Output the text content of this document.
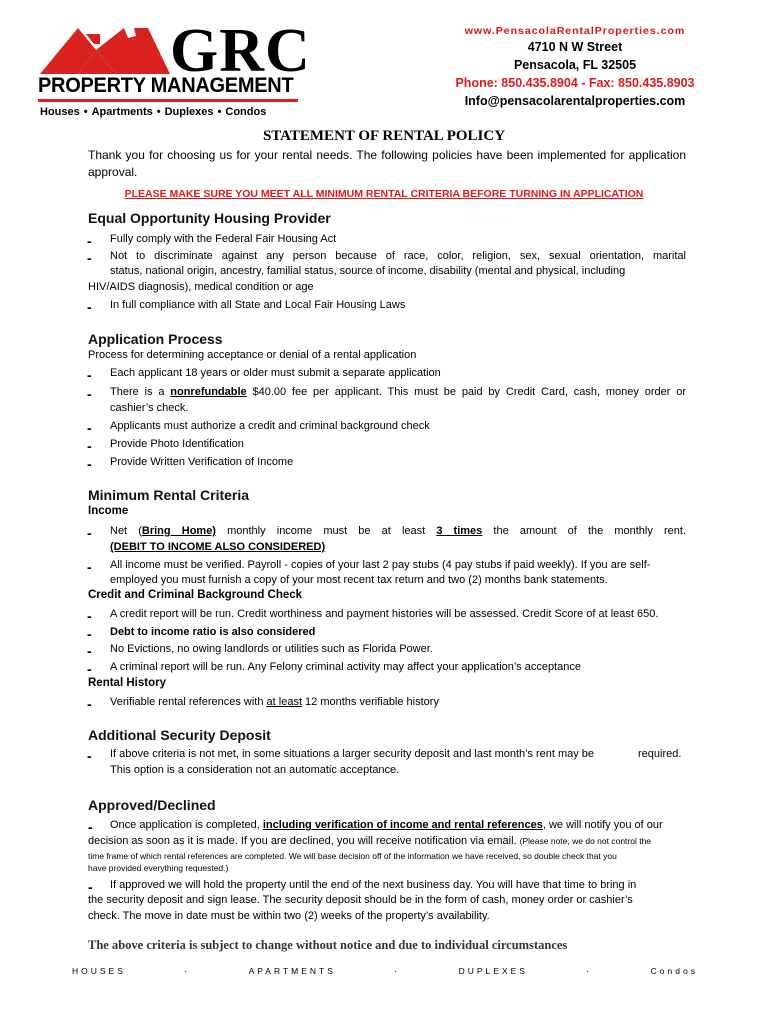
GRC
PROPERTY MANAGEMENT
Houses • Apartments • Duplexes • Condos
www.PensacolaRentalProperties.com
4710 N W Street
Pensacola, FL 32505
Phone: 850.435.8904 - Fax: 850.435.8903
Info@pensacolarentalproperties.com
STATEMENT OF RENTAL POLICY
Thank you for choosing us for your rental needs. The following policies have been implemented for application approval.
PLEASE MAKE SURE YOU MEET ALL MINIMUM RENTAL CRITERIA BEFORE TURNING IN APPLICATION
Equal Opportunity Housing Provider
- Fully comply with the Federal Fair Housing Act
- Not to discriminate against any person because of race, color, religion, sex, sexual orientation, marital
status, national origin, ancestry, familial status, source of income, disability (mental and physical, including
HIV/AIDS diagnosis), medical condition or age
- In full compliance with all State and Local Fair Housing Laws
Application Process
Process for determining acceptance or denial of a rental application
- Each applicant 18 years or older must submit a separate application
- There is a nonrefundable $40.00 fee per applicant. This must be paid by Credit Card, cash, money order or
cashier’s check.
- Applicants must authorize a credit and criminal background check
- Provide Photo Identification
- Provide Written Verification of Income
Minimum Rental Criteria
Income
- Net (Bring Home) monthly income must be at least 3 times the amount of the monthly rent.
(DEBIT TO INCOME ALSO CONSIDERED)
- All income must be verified. Payroll - copies of your last 2 pay stubs (4 pay stubs if paid weekly). If you are self-
employed you must furnish a copy of your most recent tax return and two (2) months bank statements.
Credit and Criminal Background Check
- A credit report will be run. Credit worthiness and payment histories will be assessed. Credit Score of at least 650.
- Debt to income ratio is also considered
- No Evictions, no owing landlords or utilities such as Florida Power.
- A criminal report will be run. Any Felony criminal activity may affect your application’s acceptance
Rental History
- Verifiable rental references with at least 12 months verifiable history
Additional Security Deposit
- If above criteria is not met, in some situations a larger security deposit and last month’s rent may be	required.
This option is a consideration not an automatic acceptance.
Approved/Declined
- Once application is completed, including verification of income and rental references, we will notify you of our
decision as soon as it is made. If you are declined, you will receive notification via email. (Please note, we do not control the
time frame of which rental references are completed. We will base decision off of the information we have received, so double check that you
have provided everything requested.)
- If approved we will hold the property until the end of the next business day. You will have that time to bring in
the security deposit and sign lease. The security deposit should be in the form of cash, money order or cashier’s
check. The move in date must be within two (2) weeks of the property’s availability.
The above criteria is subject to change without notice and due to individual circumstances
HOUSES	·	APARTMENTS	·	DUPLEXES	·	Condos
